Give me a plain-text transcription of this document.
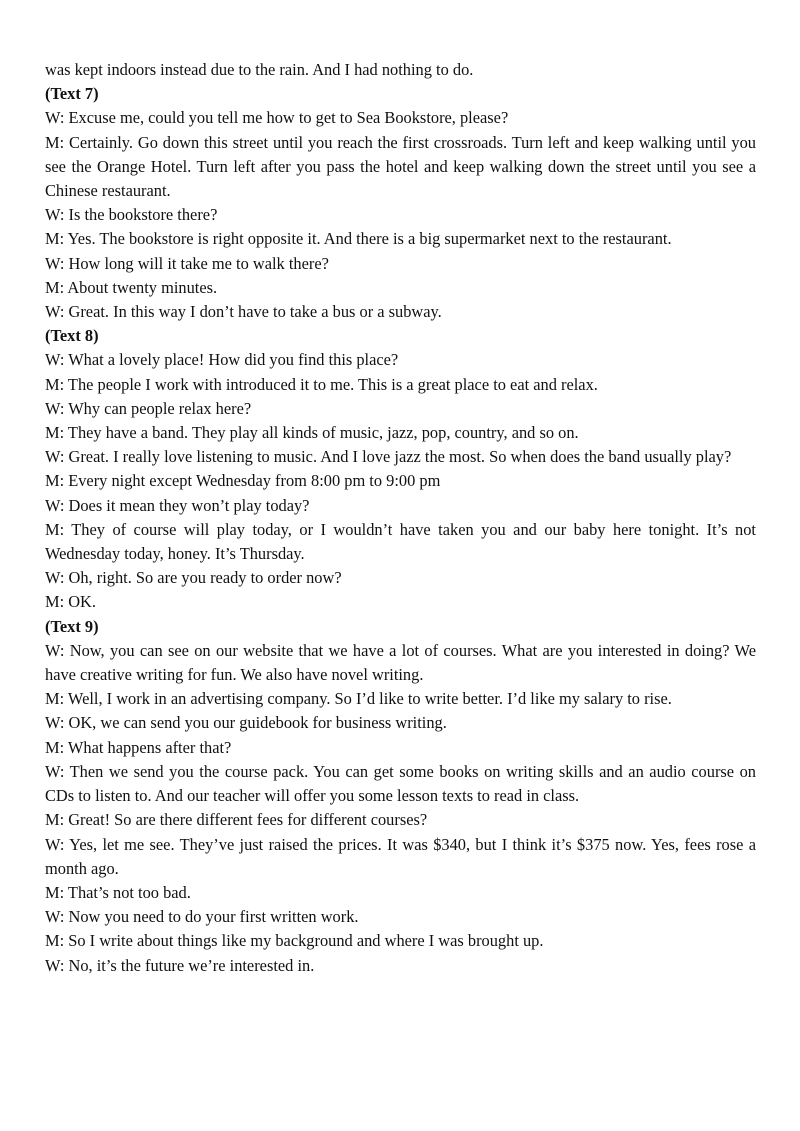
was kept indoors instead due to the rain. And I had nothing to do.

(Text 7)

W: Excuse me, could you tell me how to get to Sea Bookstore, please?

M: Certainly. Go down this street until you reach the first crossroads. Turn left and keep walking until you see the Orange Hotel. Turn left after you pass the hotel and keep walking down the street until you see a Chinese restaurant.

W: Is the bookstore there?

M: Yes. The bookstore is right opposite it. And there is a big supermarket next to the restaurant.

W: How long will it take me to walk there?

M: About twenty minutes.

W: Great. In this way I don’t have to take a bus or a subway.

(Text 8)

W: What a lovely place! How did you find this place?

M: The people I work with introduced it to me. This is a great place to eat and relax.

W: Why can people relax here?

M: They have a band. They play all kinds of music, jazz, pop, country, and so on.

W: Great. I really love listening to music. And I love jazz the most. So when does the band usually play?

M: Every night except Wednesday from 8:00 pm to 9:00 pm

W: Does it mean they won’t play today?

M: They of course will play today, or I wouldn’t have taken you and our baby here tonight. It’s not Wednesday today, honey. It’s Thursday.

W: Oh, right. So are you ready to order now?

M: OK.

(Text 9)

W: Now, you can see on our website that we have a lot of courses. What are you interested in doing? We have creative writing for fun. We also have novel writing.

M: Well, I work in an advertising company. So I’d like to write better. I’d like my salary to rise.

W: OK, we can send you our guidebook for business writing.

M: What happens after that?

W: Then we send you the course pack. You can get some books on writing skills and an audio course on CDs to listen to. And our teacher will offer you some lesson texts to read in class.

M: Great! So are there different fees for different courses?

W: Yes, let me see. They’ve just raised the prices. It was $340, but I think it’s $375 now. Yes, fees rose a month ago.

M: That’s not too bad.

W: Now you need to do your first written work.

M: So I write about things like my background and where I was brought up.

W: No, it’s the future we’re interested in.
